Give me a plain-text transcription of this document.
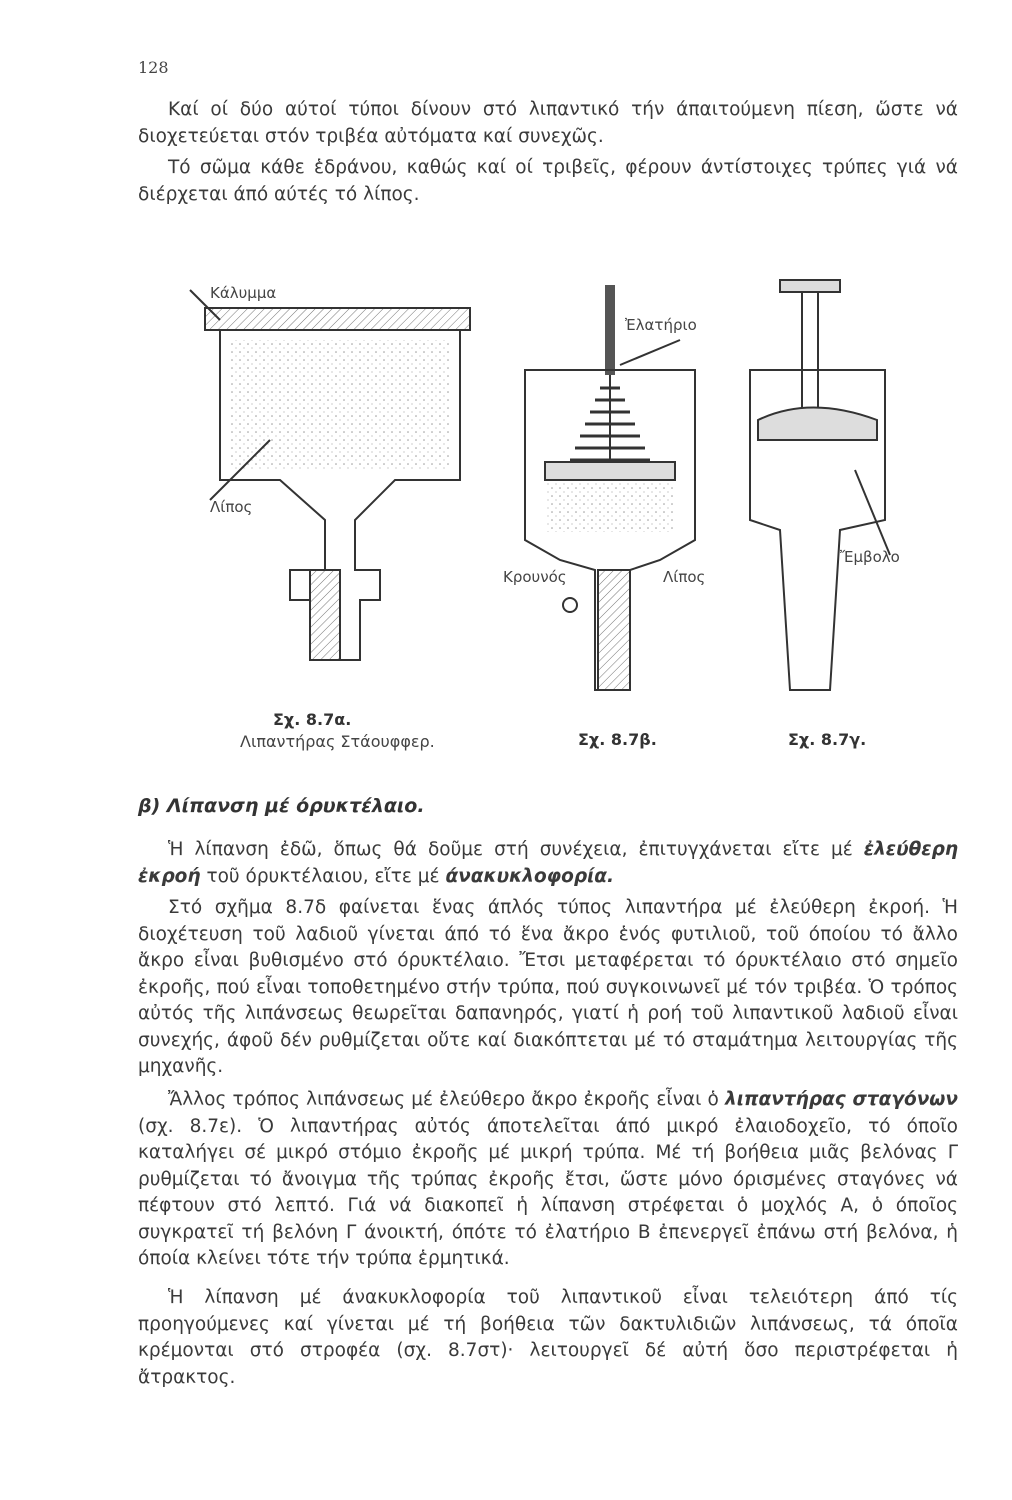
128

Καί οί δύο αύτοί τύποι δίνουν στό λιπαντικό τήν άπαιτούμενη πίεση, ὥστε νά διοχετεύεται στόν τριβέα αὐτόματα καί συνεχῶς.

Τό σῶμα κάθε ἑδράνου, καθώς καί οί τριβεῖς, φέρουν άντίστοιχες τρύπες γιά νά διέρχεται άπό αύτές τό λίπος.

Κάλυμμα
Λίπος
Ἐλατήριο
Κρουνός	Λίπος
Ἔμβολο
Σχ. 8.7α.
Λιπαντήρας Στάουφφερ.	Σχ. 8.7β.	Σχ. 8.7γ.
β) Λίπανση μέ όρυκτέλαιο.

Ἡ λίπανση ἐδῶ, ὅπως θά δοῦμε στή συνέχεια, ἐπιτυγχάνεται εἴτε μέ ἐλεύθερη ἐκροή τοῦ όρυκτέλαιου, εἴτε μέ άνακυκλοφορία.

Στό σχῆμα 8.7δ φαίνεται ἕνας άπλός τύπος λιπαντήρα μέ ἐλεύθερη ἐκροή. Ἡ διοχέτευση τοῦ λαδιοῦ γίνεται άπό τό ἕνα ἄκρο ἑνός φυτιλιοῦ, τοῦ όποίου τό ἄλλο ἄκρο εἶναι βυθισμένο στό όρυκτέλαιο. Ἔτσι μεταφέρεται τό όρυκτέλαιο στό σημεῖο ἐκροῆς, πού εἶναι τοποθετημένο στήν τρύπα, πού συγκοινωνεῖ μέ τόν τριβέα. Ὁ τρόπος αὐτός τῆς λιπάνσεως θεωρεῖται δαπανηρός, γιατί ἡ ροή τοῦ λιπαντικοῦ λαδιοῦ εἶναι συνεχής, άφοῦ δέν ρυθμίζεται οὔτε καί διακόπτεται μέ τό σταμάτημα λειτουργίας τῆς μηχανῆς.

Ἄλλος τρόπος λιπάνσεως μέ ἐλεύθερο ἄκρο ἐκροῆς εἶναι ὁ λιπαντήρας σταγόνων (σχ. 8.7ε). Ὁ λιπαντήρας αὐτός άποτελεῖται άπό μικρό ἐλαιοδοχεῖο, τό όποῖο καταλήγει σέ μικρό στόμιο ἐκροῆς μέ μικρή τρύπα. Μέ τή βοήθεια μιᾶς βελόνας Γ ρυθμίζεται τό ἄνοιγμα τῆς τρύπας ἐκροῆς ἔτσι, ὥστε μόνο όρισμένες σταγόνες νά πέφτουν στό λεπτό. Γιά νά διακοπεῖ ἡ λίπανση στρέφεται ὁ μοχλός Α, ὁ όποῖος συγκρατεῖ τή βελόνη Γ άνοικτή, όπότε τό ἐλατήριο Β ἐπενεργεῖ ἐπάνω στή βελόνα, ἡ όποία κλείνει τότε τήν τρύπα ἑρμητικά.

Ἡ λίπανση μέ άνακυκλοφορία τοῦ λιπαντικοῦ εἶναι τελειότερη άπό τίς προηγούμενες καί γίνεται μέ τή βοήθεια τῶν δακτυλιδιῶν λιπάνσεως, τά όποῖα κρέμονται στό στροφέα (σχ. 8.7στ)· λειτουργεῖ δέ αὐτή ὅσο περιστρέφεται ἡ ἄτρακτος.
